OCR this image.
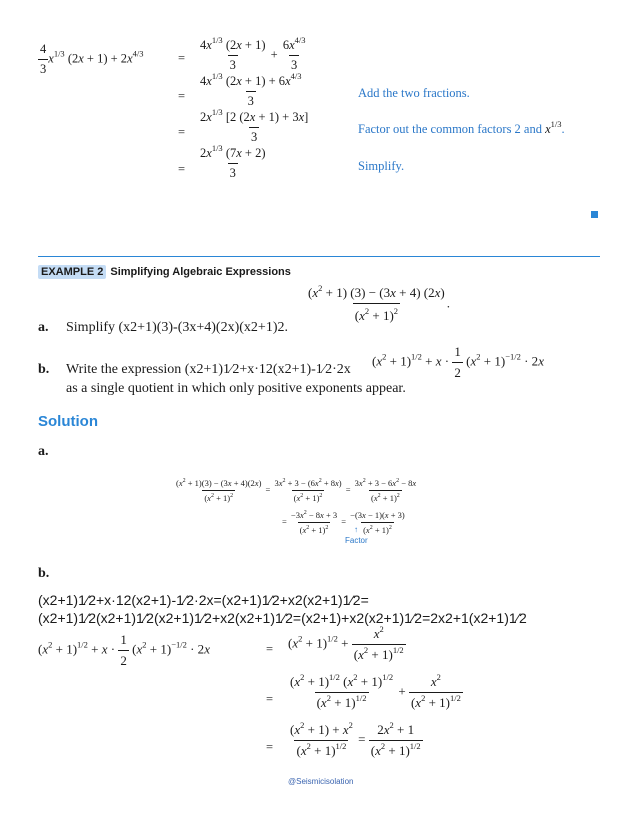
$\frac{4}{3} x^{1/3}$ $(2x + 1) + 2x^{4/3}$	= $\frac{4x^{1/3} (2x + 1)}{3} + \frac{6x^{4/3}}{3}$
= $\frac{4x^{1/3} (2x + 1) + 6x^{4/3}}{3}$	Add the two fractions.
= $\frac{2x^{1/3} [2 (2x + 1) + 3x]}{3}$	Factor out the common factors 2 and $x^{1/3}$.
= $\frac{2x^{1/3} (7x + 2)}{3}$	Simplify.
EXAMPLE 2 Simplifying Algebraic Expressions
$\frac{(x^2 + 1) (3) - (3x + 4) (2x)}{(x^2 + 1)^2}$ .
a. Simplify (x2+1)(3)-(3x+4)(2x)(x2+1)2.
$(x^2 + 1)^{1/2} + x \cdot \frac{1}{2} (x^2 + 1)^{-1/2} \cdot 2x$
b. Write the expression (x2+1)1⁄2+x·12(x2+1)-1⁄2·2x
as a single quotient in which only positive exponents appear.
Solution
a.
$\frac{(x^2 + 1)(3) - (3x + 4)(2x)}{(x^2 + 1)^2} = \frac{3x^2 + 3 - (6x^2 + 8x)}{(x^2 + 1)^2} = \frac{3x^2 + 3 - 6x^2 - 8x}{(x^2 + 1)^2}$
= $\frac{-3x^2 - 8x + 3}{(x^2 + 1)^2} = \frac{-(3x - 1)(x + 3)}{(x^2 + 1)^2}$
↑
Factor
b.
(x2+1)1⁄2+x·12(x2+1)-1⁄2·2x=(x2+1)1⁄2+x2(x2+1)1⁄2=
(x2+1)1⁄2(x2+1)1⁄2(x2+1)1⁄2+x2(x2+1)1⁄2=(x2+1)+x2(x2+1)1⁄2=2x2+1(x2+1)1⁄2
$(x^2 + 1)^{1/2} + x \cdot \frac{1}{2} (x^2 + 1)^{-1/2} \cdot 2x$	= $(x^2 + 1)^{1/2} + \frac{x^2}{(x^2 + 1)^{1/2}}$
= $\frac{(x^2 + 1)^{1/2} (x^2 + 1)^{1/2}}{(x^2 + 1)^{1/2}} + \frac{x^2}{(x^2 + 1)^{1/2}}$
= $\frac{(x^2 + 1) + x^2}{(x^2 + 1)^{1/2}} = \frac{2x^2 + 1}{(x^2 + 1)^{1/2}}$
@Seismicisolation
